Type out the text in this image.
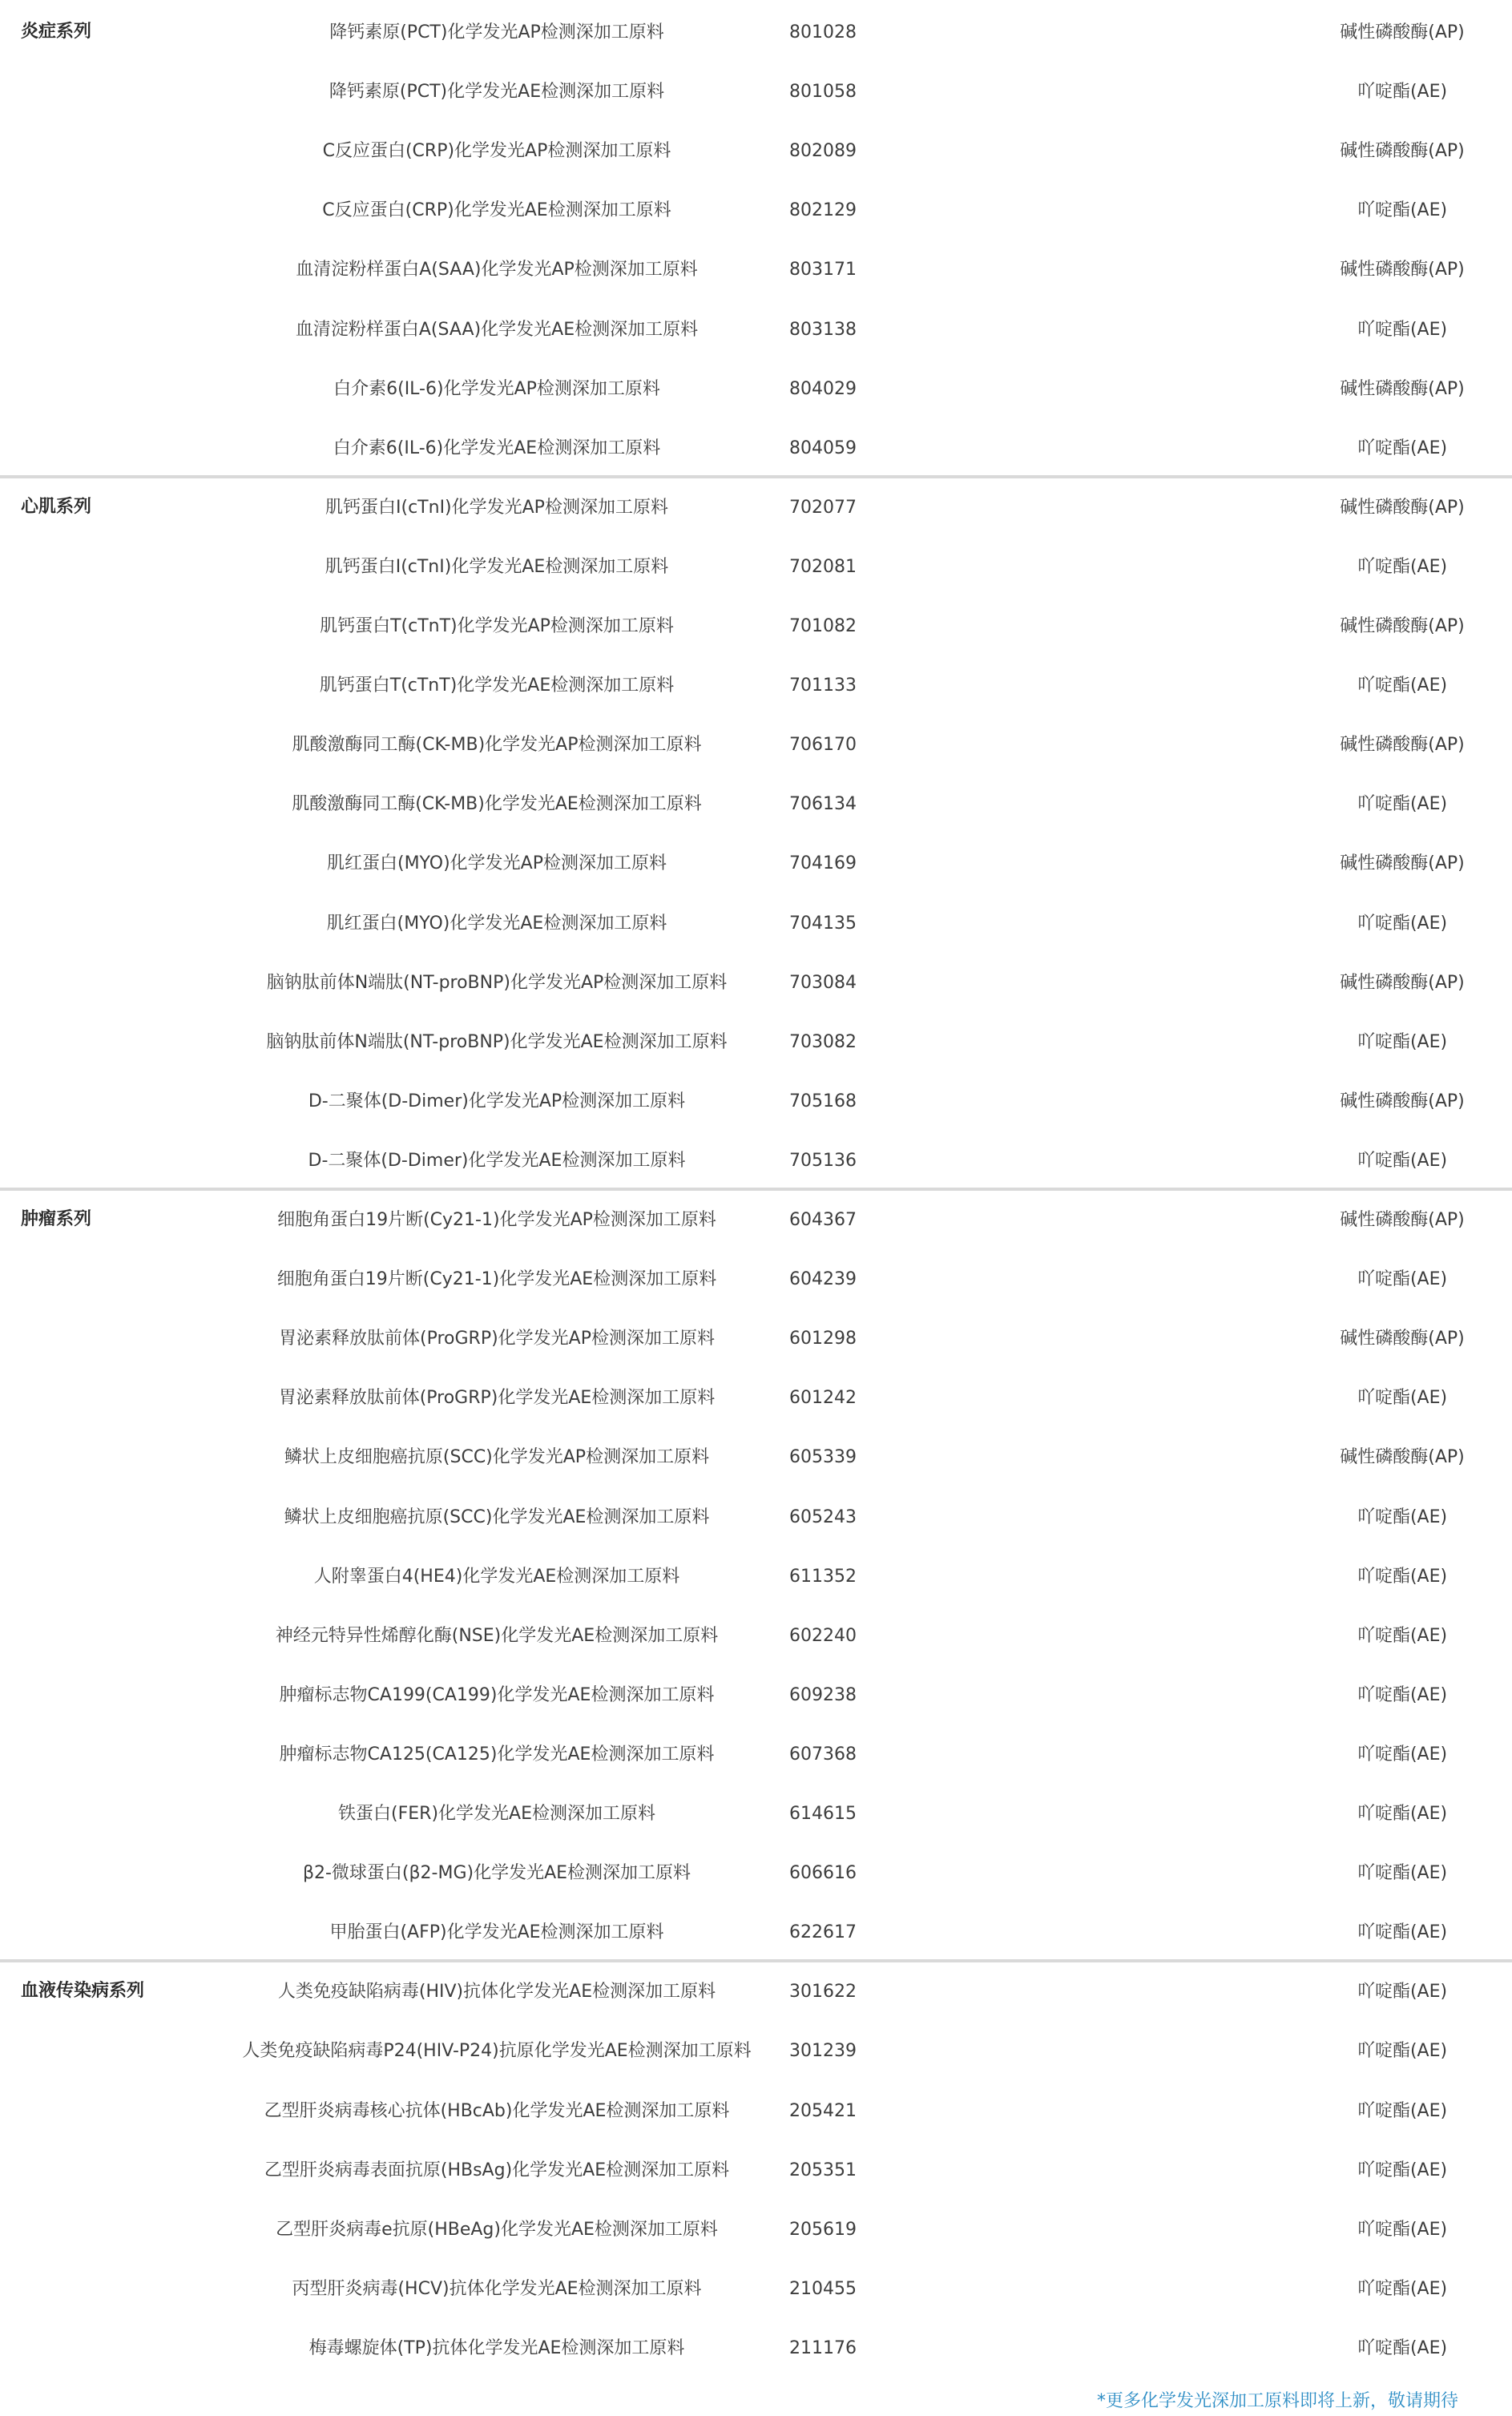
炎症系列	降钙素原(PCT)化学发光AP检测深加工原料	801028	碱性磷酸酶(AP)
降钙素原(PCT)化学发光AE检测深加工原料	801058	吖啶酯(AE)
C反应蛋白(CRP)化学发光AP检测深加工原料	802089	碱性磷酸酶(AP)
C反应蛋白(CRP)化学发光AE检测深加工原料	802129	吖啶酯(AE)
血清淀粉样蛋白A(SAA)化学发光AP检测深加工原料	803171	碱性磷酸酶(AP)
血清淀粉样蛋白A(SAA)化学发光AE检测深加工原料	803138	吖啶酯(AE)
白介素6(IL-6)化学发光AP检测深加工原料	804029	碱性磷酸酶(AP)
白介素6(IL-6)化学发光AE检测深加工原料	804059	吖啶酯(AE)
心肌系列	肌钙蛋白I(cTnI)化学发光AP检测深加工原料	702077	碱性磷酸酶(AP)
肌钙蛋白I(cTnI)化学发光AE检测深加工原料	702081	吖啶酯(AE)
肌钙蛋白T(cTnT)化学发光AP检测深加工原料	701082	碱性磷酸酶(AP)
肌钙蛋白T(cTnT)化学发光AE检测深加工原料	701133	吖啶酯(AE)
肌酸激酶同工酶(CK-MB)化学发光AP检测深加工原料	706170	碱性磷酸酶(AP)
肌酸激酶同工酶(CK-MB)化学发光AE检测深加工原料	706134	吖啶酯(AE)
肌红蛋白(MYO)化学发光AP检测深加工原料	704169	碱性磷酸酶(AP)
肌红蛋白(MYO)化学发光AE检测深加工原料	704135	吖啶酯(AE)
脑钠肽前体N端肽(NT-proBNP)化学发光AP检测深加工原料	703084	碱性磷酸酶(AP)
脑钠肽前体N端肽(NT-proBNP)化学发光AE检测深加工原料	703082	吖啶酯(AE)
D-二聚体(D-Dimer)化学发光AP检测深加工原料	705168	碱性磷酸酶(AP)
D-二聚体(D-Dimer)化学发光AE检测深加工原料	705136	吖啶酯(AE)
肿瘤系列	细胞角蛋白19片断(Cy21-1)化学发光AP检测深加工原料	604367	碱性磷酸酶(AP)
细胞角蛋白19片断(Cy21-1)化学发光AE检测深加工原料	604239	吖啶酯(AE)
胃泌素释放肽前体(ProGRP)化学发光AP检测深加工原料	601298	碱性磷酸酶(AP)
胃泌素释放肽前体(ProGRP)化学发光AE检测深加工原料	601242	吖啶酯(AE)
鳞状上皮细胞癌抗原(SCC)化学发光AP检测深加工原料	605339	碱性磷酸酶(AP)
鳞状上皮细胞癌抗原(SCC)化学发光AE检测深加工原料	605243	吖啶酯(AE)
人附睾蛋白4(HE4)化学发光AE检测深加工原料	611352	吖啶酯(AE)
神经元特异性烯醇化酶(NSE)化学发光AE检测深加工原料	602240	吖啶酯(AE)
肿瘤标志物CA199(CA199)化学发光AE检测深加工原料	609238	吖啶酯(AE)
肿瘤标志物CA125(CA125)化学发光AE检测深加工原料	607368	吖啶酯(AE)
铁蛋白(FER)化学发光AE检测深加工原料	614615	吖啶酯(AE)
β2-微球蛋白(β2-MG)化学发光AE检测深加工原料	606616	吖啶酯(AE)
甲胎蛋白(AFP)化学发光AE检测深加工原料	622617	吖啶酯(AE)
血液传染病系列	人类免疫缺陷病毒(HIV)抗体化学发光AE检测深加工原料	301622	吖啶酯(AE)
人类免疫缺陷病毒P24(HIV-P24)抗原化学发光AE检测深加工原料	301239	吖啶酯(AE)
乙型肝炎病毒核心抗体(HBcAb)化学发光AE检测深加工原料	205421	吖啶酯(AE)
乙型肝炎病毒表面抗原(HBsAg)化学发光AE检测深加工原料	205351	吖啶酯(AE)
乙型肝炎病毒e抗原(HBeAg)化学发光AE检测深加工原料	205619	吖啶酯(AE)
丙型肝炎病毒(HCV)抗体化学发光AE检测深加工原料	210455	吖啶酯(AE)
梅毒螺旋体(TP)抗体化学发光AE检测深加工原料	211176	吖啶酯(AE)
*更多化学发光深加工原料即将上新，敬请期待
